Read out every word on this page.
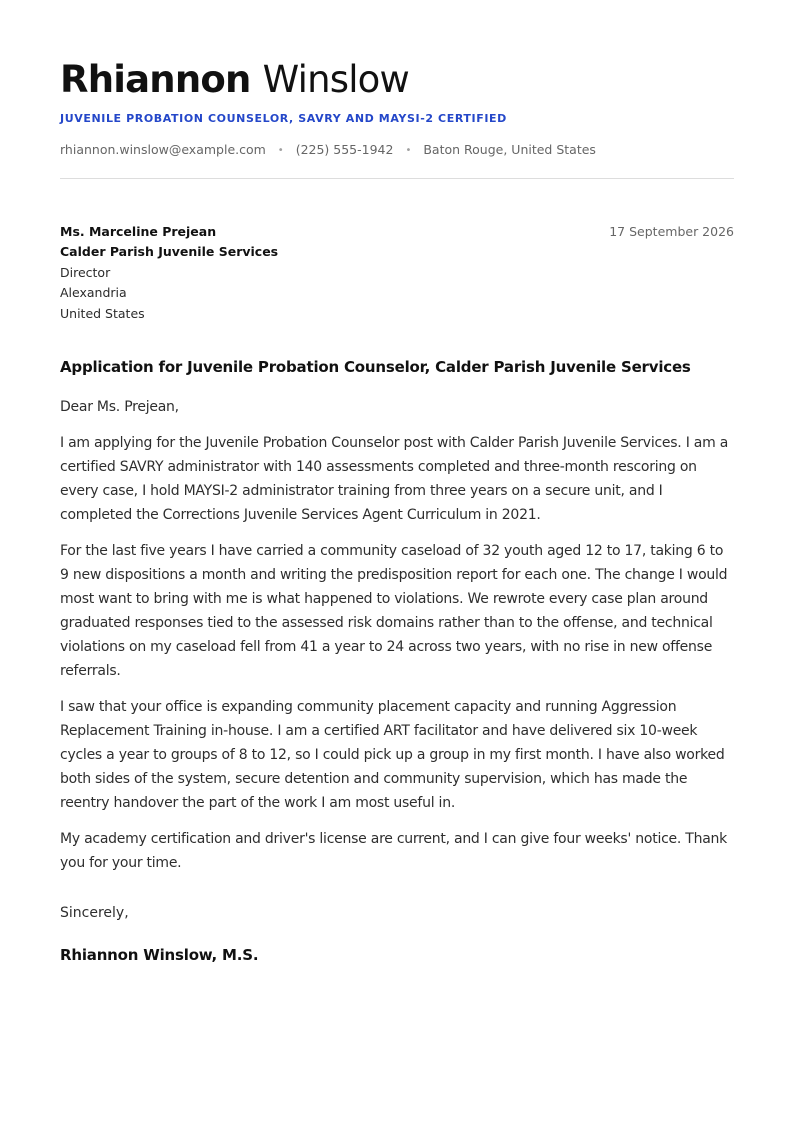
Rhiannon Winslow
JUVENILE PROBATION COUNSELOR, SAVRY AND MAYSI-2 CERTIFIED
rhiannon.winslow@example.com • (225) 555-1942 • Baton Rouge, United States
Ms. Marceline Prejean
Calder Parish Juvenile Services
Director
Alexandria
United States
17 September 2026
Application for Juvenile Probation Counselor, Calder Parish Juvenile Services

Dear Ms. Prejean,

I am applying for the Juvenile Probation Counselor post with Calder Parish Juvenile Services. I am a certified SAVRY administrator with 140 assessments completed and three-month rescoring on every case, I hold MAYSI-2 administrator training from three years on a secure unit, and I completed the Corrections Juvenile Services Agent Curriculum in 2021.

For the last five years I have carried a community caseload of 32 youth aged 12 to 17, taking 6 to 9 new dispositions a month and writing the predisposition report for each one. The change I would most want to bring with me is what happened to violations. We rewrote every case plan around graduated responses tied to the assessed risk domains rather than to the offense, and technical violations on my caseload fell from 41 a year to 24 across two years, with no rise in new offense referrals.

I saw that your office is expanding community placement capacity and running Aggression Replacement Training in-house. I am a certified ART facilitator and have delivered six 10-week cycles a year to groups of 8 to 12, so I could pick up a group in my first month. I have also worked both sides of the system, secure detention and community supervision, which has made the reentry handover the part of the work I am most useful in.

My academy certification and driver's license are current, and I can give four weeks' notice. Thank you for your time.

Sincerely,
Rhiannon Winslow, M.S.
